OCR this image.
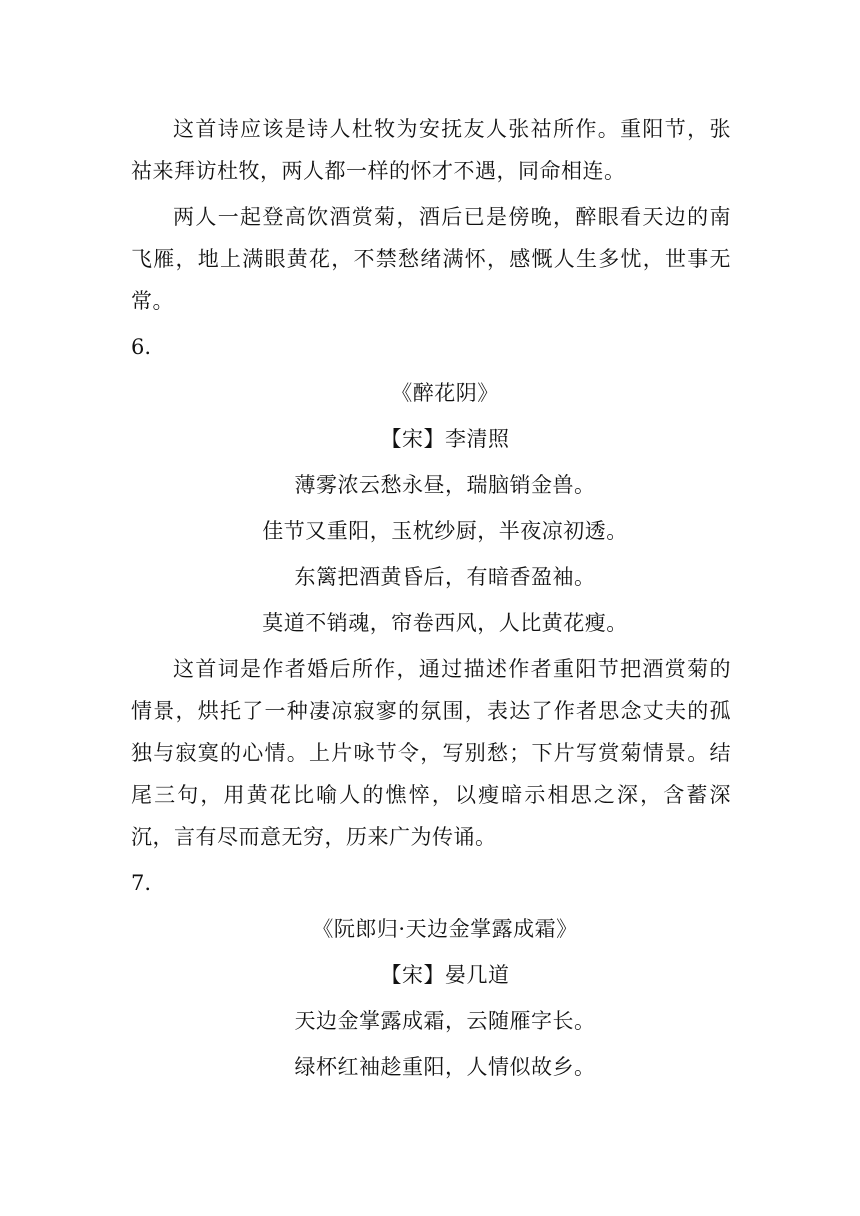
这首诗应该是诗人杜牧为安抚友人张祜所作。重阳节，张祜来拜访杜牧，两人都一样的怀才不遇，同命相连。

两人一起登高饮酒赏菊，酒后已是傍晚，醉眼看天边的南飞雁，地上满眼黄花，不禁愁绪满怀，感慨人生多忧，世事无常。

6.

《醉花阴》

【宋】李清照

薄雾浓云愁永昼，瑞脑销金兽。

佳节又重阳，玉枕纱厨，半夜凉初透。

东篱把酒黄昏后，有暗香盈袖。

莫道不销魂，帘卷西风，人比黄花瘦。

这首词是作者婚后所作，通过描述作者重阳节把酒赏菊的情景，烘托了一种凄凉寂寥的氛围，表达了作者思念丈夫的孤独与寂寞的心情。上片咏节令，写别愁；下片写赏菊情景。结尾三句，用黄花比喻人的憔悴，以瘦暗示相思之深，含蓄深沉，言有尽而意无穷，历来广为传诵。

7.

《阮郎归·天边金掌露成霜》

【宋】晏几道

天边金掌露成霜，云随雁字长。

绿杯红袖趁重阳，人情似故乡。
